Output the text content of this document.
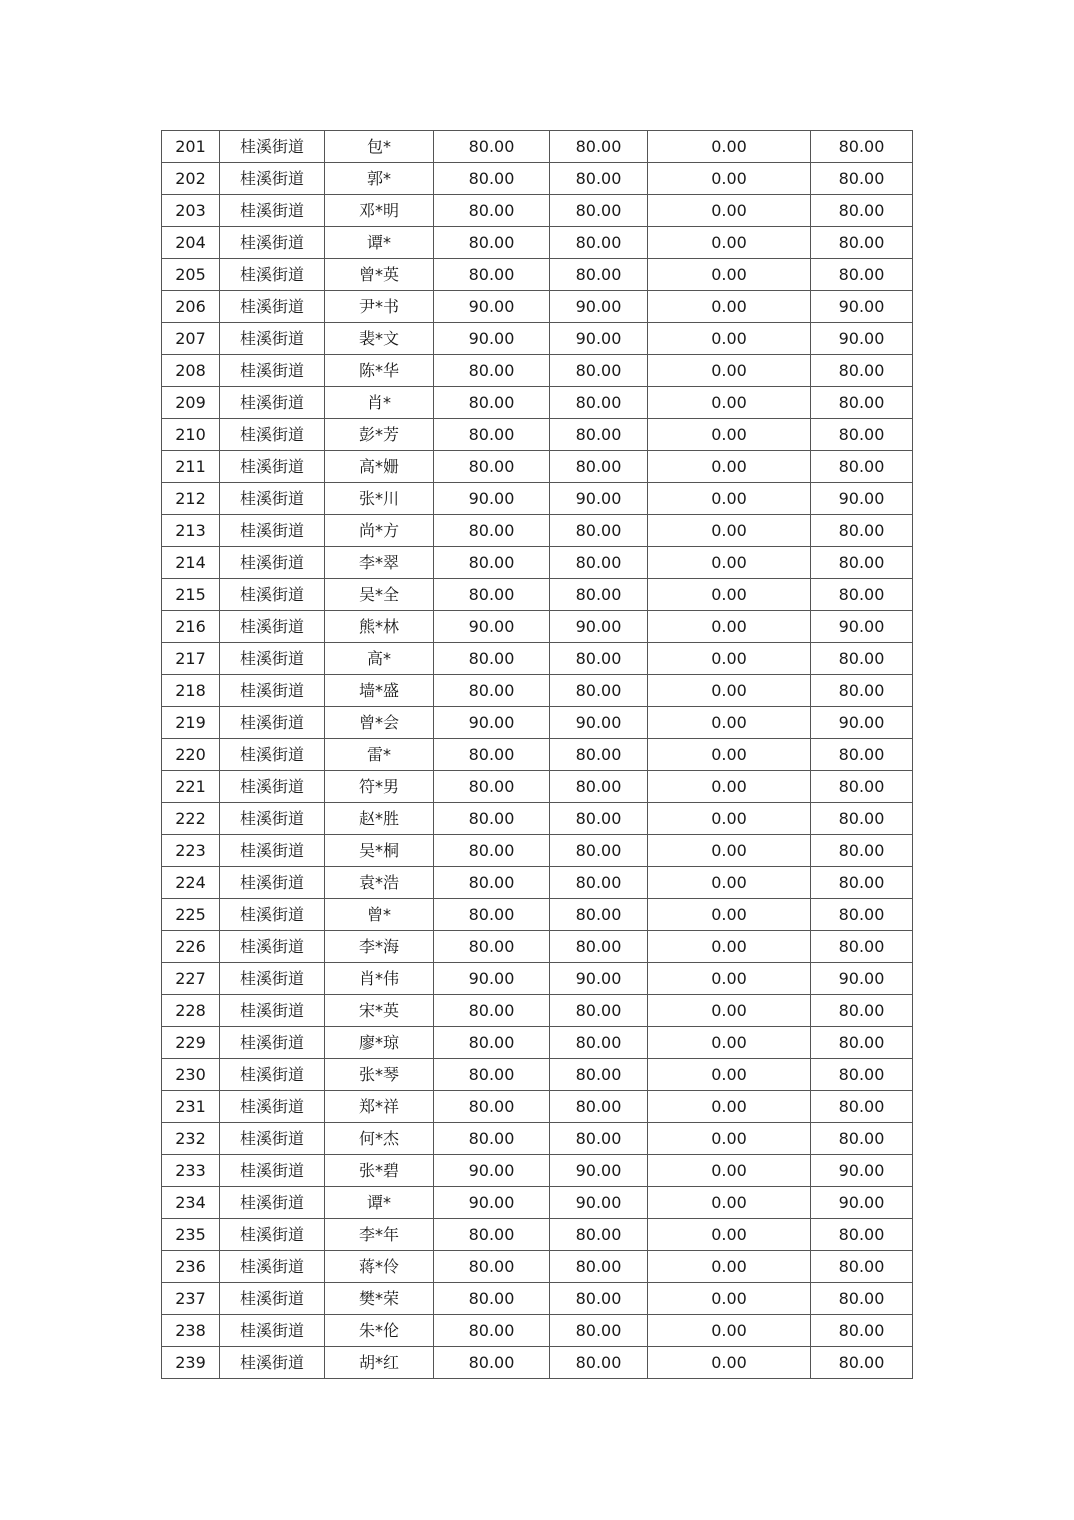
201	桂溪街道	包*	80.00	80.00	0.00	80.00
202	桂溪街道	郭*	80.00	80.00	0.00	80.00
203	桂溪街道	邓*明	80.00	80.00	0.00	80.00
204	桂溪街道	谭*	80.00	80.00	0.00	80.00
205	桂溪街道	曾*英	80.00	80.00	0.00	80.00
206	桂溪街道	尹*书	90.00	90.00	0.00	90.00
207	桂溪街道	裴*文	90.00	90.00	0.00	90.00
208	桂溪街道	陈*华	80.00	80.00	0.00	80.00
209	桂溪街道	肖*	80.00	80.00	0.00	80.00
210	桂溪街道	彭*芳	80.00	80.00	0.00	80.00
211	桂溪街道	高*姗	80.00	80.00	0.00	80.00
212	桂溪街道	张*川	90.00	90.00	0.00	90.00
213	桂溪街道	尚*方	80.00	80.00	0.00	80.00
214	桂溪街道	李*翠	80.00	80.00	0.00	80.00
215	桂溪街道	吴*全	80.00	80.00	0.00	80.00
216	桂溪街道	熊*林	90.00	90.00	0.00	90.00
217	桂溪街道	高*	80.00	80.00	0.00	80.00
218	桂溪街道	墙*盛	80.00	80.00	0.00	80.00
219	桂溪街道	曾*会	90.00	90.00	0.00	90.00
220	桂溪街道	雷*	80.00	80.00	0.00	80.00
221	桂溪街道	符*男	80.00	80.00	0.00	80.00
222	桂溪街道	赵*胜	80.00	80.00	0.00	80.00
223	桂溪街道	吴*桐	80.00	80.00	0.00	80.00
224	桂溪街道	袁*浩	80.00	80.00	0.00	80.00
225	桂溪街道	曾*	80.00	80.00	0.00	80.00
226	桂溪街道	李*海	80.00	80.00	0.00	80.00
227	桂溪街道	肖*伟	90.00	90.00	0.00	90.00
228	桂溪街道	宋*英	80.00	80.00	0.00	80.00
229	桂溪街道	廖*琼	80.00	80.00	0.00	80.00
230	桂溪街道	张*琴	80.00	80.00	0.00	80.00
231	桂溪街道	郑*祥	80.00	80.00	0.00	80.00
232	桂溪街道	何*杰	80.00	80.00	0.00	80.00
233	桂溪街道	张*碧	90.00	90.00	0.00	90.00
234	桂溪街道	谭*	90.00	90.00	0.00	90.00
235	桂溪街道	李*年	80.00	80.00	0.00	80.00
236	桂溪街道	蒋*伶	80.00	80.00	0.00	80.00
237	桂溪街道	樊*荣	80.00	80.00	0.00	80.00
238	桂溪街道	朱*伦	80.00	80.00	0.00	80.00
239	桂溪街道	胡*红	80.00	80.00	0.00	80.00
